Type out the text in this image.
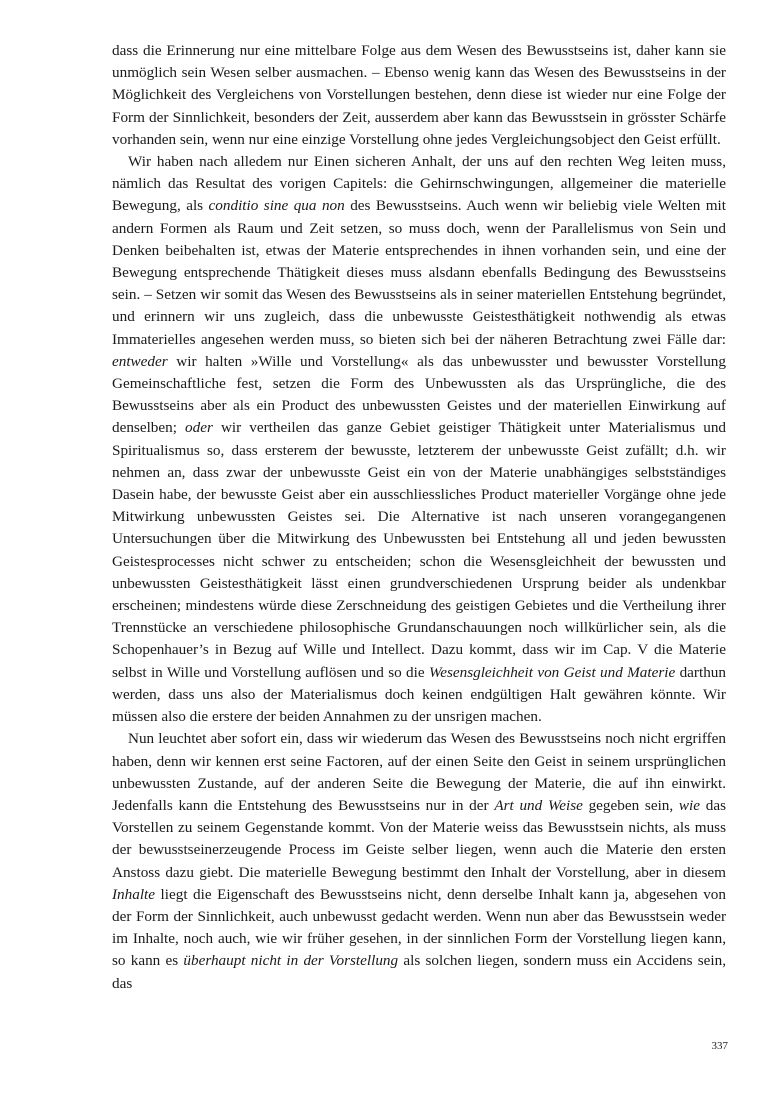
dass die Erinnerung nur eine mittelbare Folge aus dem Wesen des Bewusstseins ist, daher kann sie unmöglich sein Wesen selber ausmachen. – Ebenso wenig kann das Wesen des Bewusstseins in der Möglichkeit des Vergleichens von Vorstellungen bestehen, denn diese ist wieder nur eine Folge der Form der Sinnlichkeit, besonders der Zeit, ausserdem aber kann das Bewusstsein in grösster Schärfe vorhanden sein, wenn nur eine einzige Vorstellung ohne jedes Vergleichungsobject den Geist erfüllt.

Wir haben nach alledem nur Einen sicheren Anhalt, der uns auf den rechten Weg leiten muss, nämlich das Resultat des vorigen Capitels: die Gehirnschwingungen, allgemeiner die materielle Bewegung, als conditio sine qua non des Bewusstseins. Auch wenn wir beliebig viele Welten mit andern Formen als Raum und Zeit setzen, so muss doch, wenn der Parallelismus von Sein und Denken beibehalten ist, etwas der Materie entsprechendes in ihnen vorhanden sein, und eine der Bewegung entsprechende Thätigkeit dieses muss alsdann ebenfalls Bedingung des Bewusstseins sein. – Setzen wir somit das Wesen des Bewusstseins als in seiner materiellen Entstehung begründet, und erinnern wir uns zugleich, dass die unbewusste Geistesthätigkeit nothwendig als etwas Immaterielles angesehen werden muss, so bieten sich bei der näheren Betrachtung zwei Fälle dar: entweder wir halten »Wille und Vorstellung« als das unbewusster und bewusster Vorstellung Gemeinschaftliche fest, setzen die Form des Unbewussten als das Ursprüngliche, die des Bewusstseins aber als ein Product des unbewussten Geistes und der materiellen Einwirkung auf denselben; oder wir vertheilen das ganze Gebiet geistiger Thätigkeit unter Materialismus und Spiritualismus so, dass ersterem der bewusste, letzterem der unbewusste Geist zufällt; d.h. wir nehmen an, dass zwar der unbewusste Geist ein von der Materie unabhängiges selbstständiges Dasein habe, der bewusste Geist aber ein ausschliessliches Product materieller Vorgänge ohne jede Mitwirkung unbewussten Geistes sei. Die Alternative ist nach unseren vorangegangenen Untersuchungen über die Mitwirkung des Unbewussten bei Entstehung all und jeden bewussten Geistesprocesses nicht schwer zu entscheiden; schon die Wesensgleichheit der bewussten und unbewussten Geistesthätigkeit lässt einen grundverschiedenen Ursprung beider als undenkbar erscheinen; mindestens würde diese Zerschneidung des geistigen Gebietes und die Vertheilung ihrer Trennstücke an verschiedene philosophische Grundanschauungen noch willkürlicher sein, als die Schopenhauer’s in Bezug auf Wille und Intellect. Dazu kommt, dass wir im Cap. V die Materie selbst in Wille und Vorstellung auflösen und so die Wesensgleichheit von Geist und Materie darthun werden, dass uns also der Materialismus doch keinen endgültigen Halt gewähren könnte. Wir müssen also die erstere der beiden Annahmen zu der unsrigen machen.

Nun leuchtet aber sofort ein, dass wir wiederum das Wesen des Bewusstseins noch nicht ergriffen haben, denn wir kennen erst seine Factoren, auf der einen Seite den Geist in seinem ursprünglichen unbewussten Zustande, auf der anderen Seite die Bewegung der Materie, die auf ihn einwirkt. Jedenfalls kann die Entstehung des Bewusstseins nur in der Art und Weise gegeben sein, wie das Vorstellen zu seinem Gegenstande kommt. Von der Materie weiss das Bewusstsein nichts, als muss der bewusstseinerzeugende Process im Geiste selber liegen, wenn auch die Materie den ersten Anstoss dazu giebt. Die materielle Bewegung bestimmt den Inhalt der Vorstellung, aber in diesem Inhalte liegt die Eigenschaft des Bewusstseins nicht, denn derselbe Inhalt kann ja, abgesehen von der Form der Sinnlichkeit, auch unbewusst gedacht werden. Wenn nun aber das Bewusstsein weder im Inhalte, noch auch, wie wir früher gesehen, in der sinnlichen Form der Vorstellung liegen kann, so kann es überhaupt nicht in der Vorstellung als solchen liegen, sondern muss ein Accidens sein, das

337
